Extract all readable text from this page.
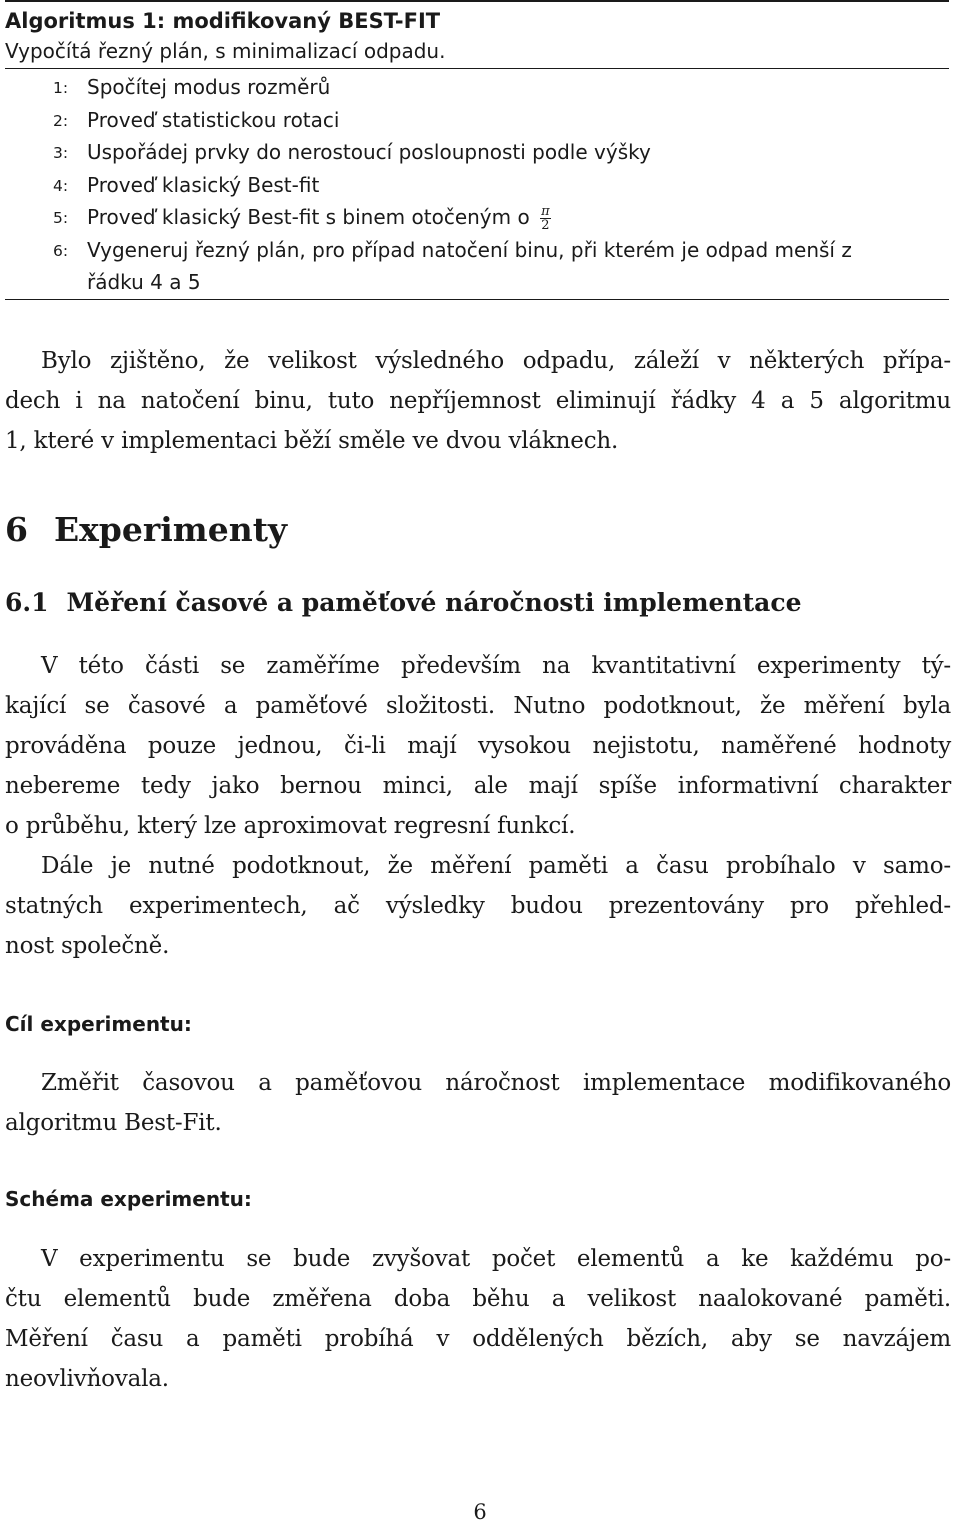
Algoritmus 1: modifikovaný BEST-FIT
Vypočítá řezný plán, s minimalizací odpadu.
1: Spočítej modus rozměrů
2: Proveď statistickou rotaci
3: Uspořádej prvky do nerostoucí posloupnosti podle výšky
4: Proveď klasický Best-fit
5: Proveď klasický Best-fit s binem otočeným o $\frac{\pi}{2}$
6: Vygeneruj řezný plán, pro případ natočení binu, při kterém je odpad menší z
řádku 4 a 5
Bylo zjištěno, že velikost výsledného odpadu, záleží v některých přípa-
dech i na natočení binu, tuto nepříjemnost eliminují řádky 4 a 5 algoritmu
1, které v implementaci běží směle ve dvou vláknech.
6 Experimenty
6.1 Měření časové a paměťové náročnosti implementace
V této části se zaměříme především na kvantitativní experimenty tý-
kající se časové a paměťové složitosti. Nutno podotknout, že měření byla
prováděna pouze jednou, či-li mají vysokou nejistotu, naměřené hodnoty
nebereme tedy jako bernou minci, ale mají spíše informativní charakter
o průběhu, který lze aproximovat regresní funkcí.
Dále je nutné podotknout, že měření paměti a času probíhalo v samo-
statných experimentech, ač výsledky budou prezentovány pro přehled-
nost společně.
Cíl experimentu:
Změřit časovou a paměťovou náročnost implementace modifikovaného
algoritmu Best-Fit.
Schéma experimentu:
V experimentu se bude zvyšovat počet elementů a ke každému po-
čtu elementů bude změřena doba běhu a velikost naalokované paměti.
Měření času a paměti probíhá v oddělených bězích, aby se navzájem
neovlivňovala.
6
